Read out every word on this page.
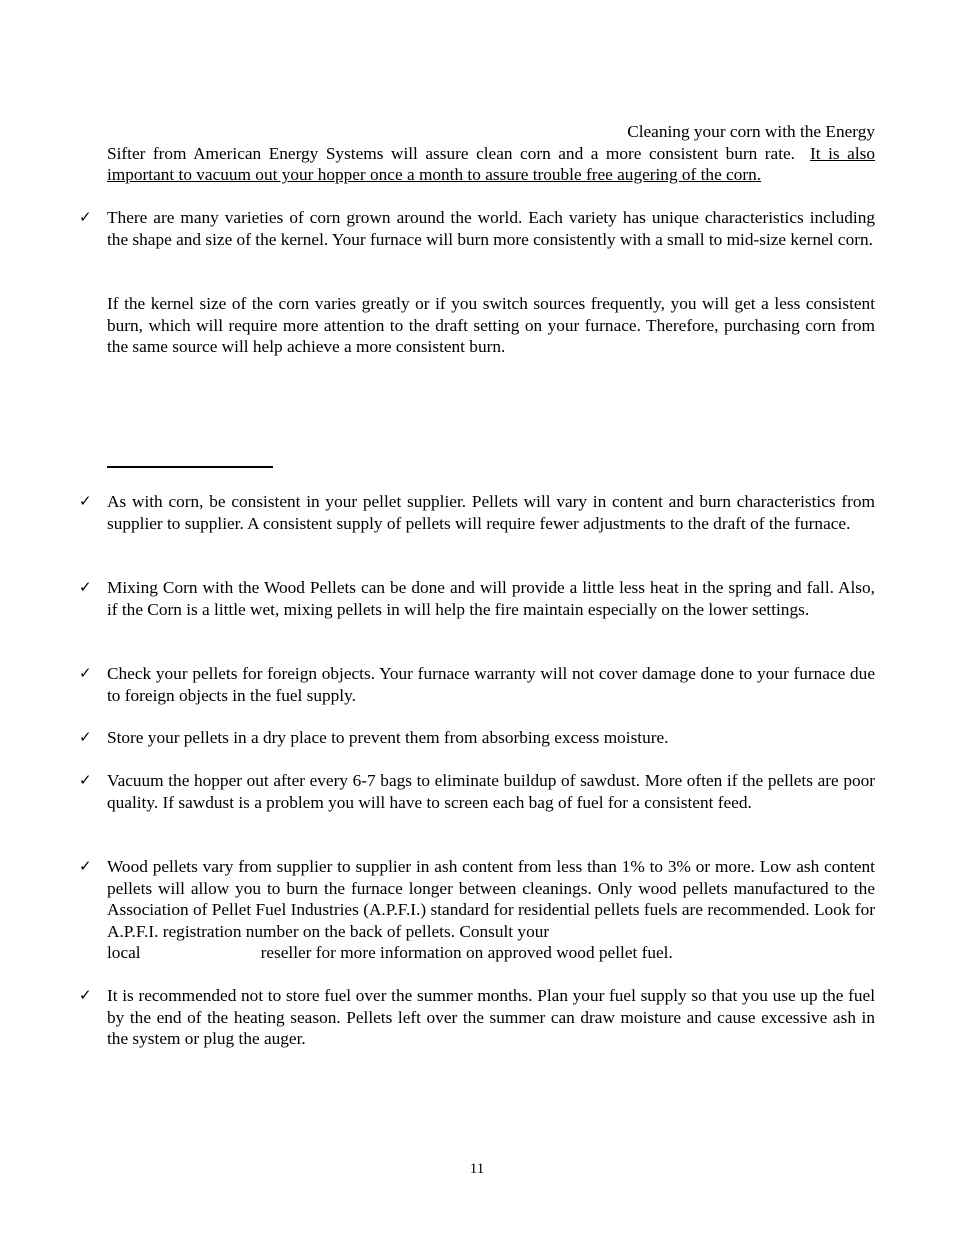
Cleaning your corn with the Energy
Sifter from American Energy Systems will assure clean corn and a more consistent burn rate. It is also important to vacuum out your hopper once a month to assure trouble free augering of the corn.
✓ There are many varieties of corn grown around the world. Each variety has unique characteristics including the shape and size of the kernel. Your furnace will burn more consistently with a small to mid-size kernel corn.
If the kernel size of the corn varies greatly or if you switch sources frequently, you will get a less consistent burn, which will require more attention to the draft setting on your furnace. Therefore, purchasing corn from the same source will help achieve a more consistent burn.
✓ As with corn, be consistent in your pellet supplier. Pellets will vary in content and burn characteristics from supplier to supplier. A consistent supply of pellets will require fewer adjustments to the draft of the furnace.
✓ Mixing Corn with the Wood Pellets can be done and will provide a little less heat in the spring and fall. Also, if the Corn is a little wet, mixing pellets in will help the fire maintain especially on the lower settings.
✓ Check your pellets for foreign objects. Your furnace warranty will not cover damage done to your furnace due to foreign objects in the fuel supply.
✓ Store your pellets in a dry place to prevent them from absorbing excess moisture.
✓ Vacuum the hopper out after every 6-7 bags to eliminate buildup of sawdust. More often if the pellets are poor quality. If sawdust is a problem you will have to screen each bag of fuel for a consistent feed.
✓ Wood pellets vary from supplier to supplier in ash content from less than 1% to 3% or more. Low ash content pellets will allow you to burn the furnace longer between cleanings. Only wood pellets manufactured to the Association of Pellet Fuel Industries (A.P.F.I.) standard for residential pellets fuels are recommended. Look for A.P.F.I. registration number on the back of pellets. Consult your
local	reseller for more information on approved wood pellet fuel.
✓ It is recommended not to store fuel over the summer months. Plan your fuel supply so that you use up the fuel by the end of the heating season. Pellets left over the summer can draw moisture and cause excessive ash in the system or plug the auger.
11
